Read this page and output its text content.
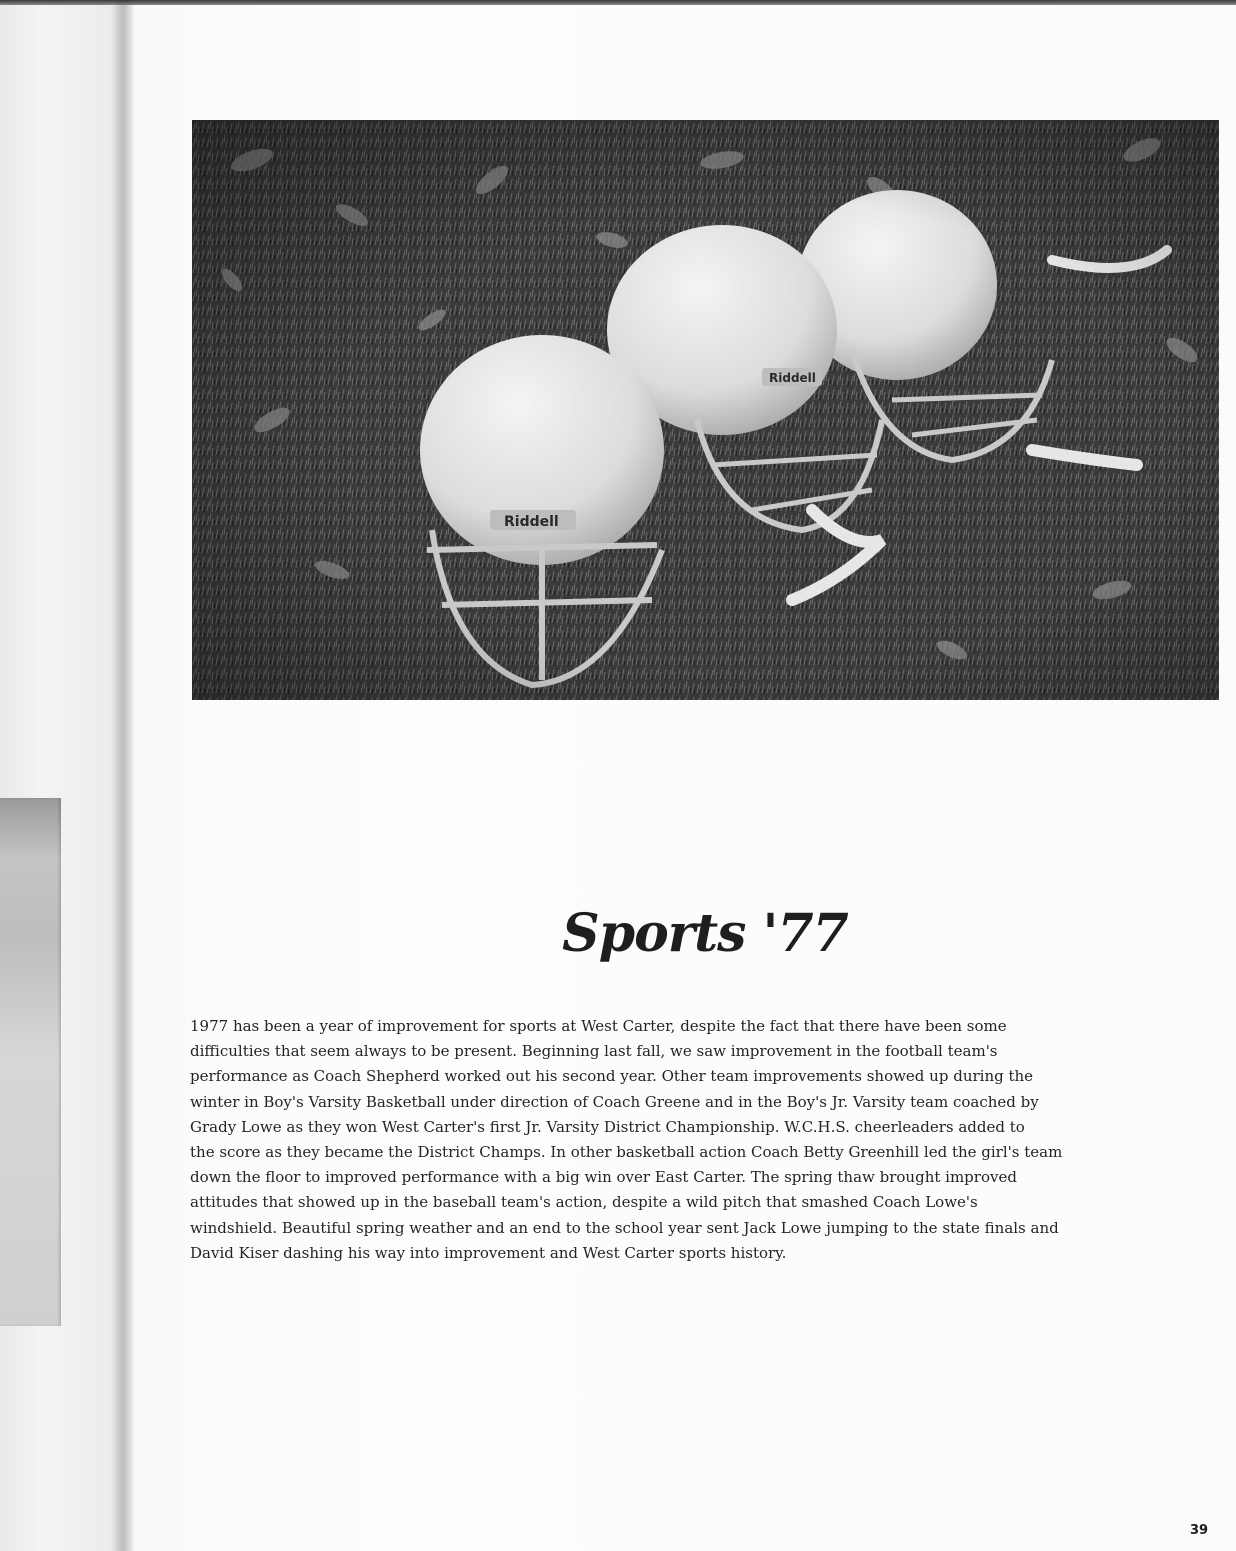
Sports '77

1977 has been a year of improvement for sports at West Carter, despite the fact that there have been some
difficulties that seem always to be present. Beginning last fall, we saw improvement in the football team's
performance as Coach Shepherd worked out his second year. Other team improvements showed up during the
winter in Boy's Varsity Basketball under direction of Coach Greene and in the Boy's Jr. Varsity team coached by
Grady Lowe as they won West Carter's first Jr. Varsity District Championship. W.C.H.S. cheerleaders added to
the score as they became the District Champs. In other basketball action Coach Betty Greenhill led the girl's team
down the floor to improved performance with a big win over East Carter. The spring thaw brought improved
attitudes that showed up in the baseball team's action, despite a wild pitch that smashed Coach Lowe's
windshield. Beautiful spring weather and an end to the school year sent Jack Lowe jumping to the state finals and
David Kiser dashing his way into improvement and West Carter sports history.

39
